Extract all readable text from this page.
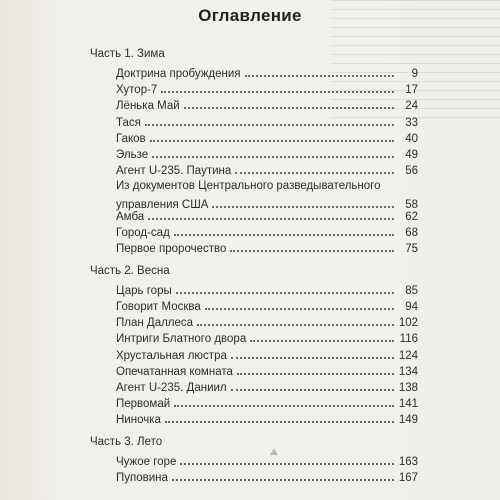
Оглавление
Часть 1. Зима
Доктрина пробуждения	9
Хутор-7	17
Лёнька Май	24
Тася	33
Гаков	40
Эльзе	49
Агент U-235. Паутина	56
Из документов Центрального разведывательного
управления США	58
Амба	62
Город-сад	68
Первое пророчество	75
Часть 2. Весна
Царь горы	85
Говорит Москва	94
План Даллеса	102
Интриги Блатного двора	116
Хрустальная люстра	124
Опечатанная комната	134
Агент U-235. Даниил	138
Первомай	141
Ниночка	149
Часть 3. Лето
Чужое горе	163
Пуповина	167
